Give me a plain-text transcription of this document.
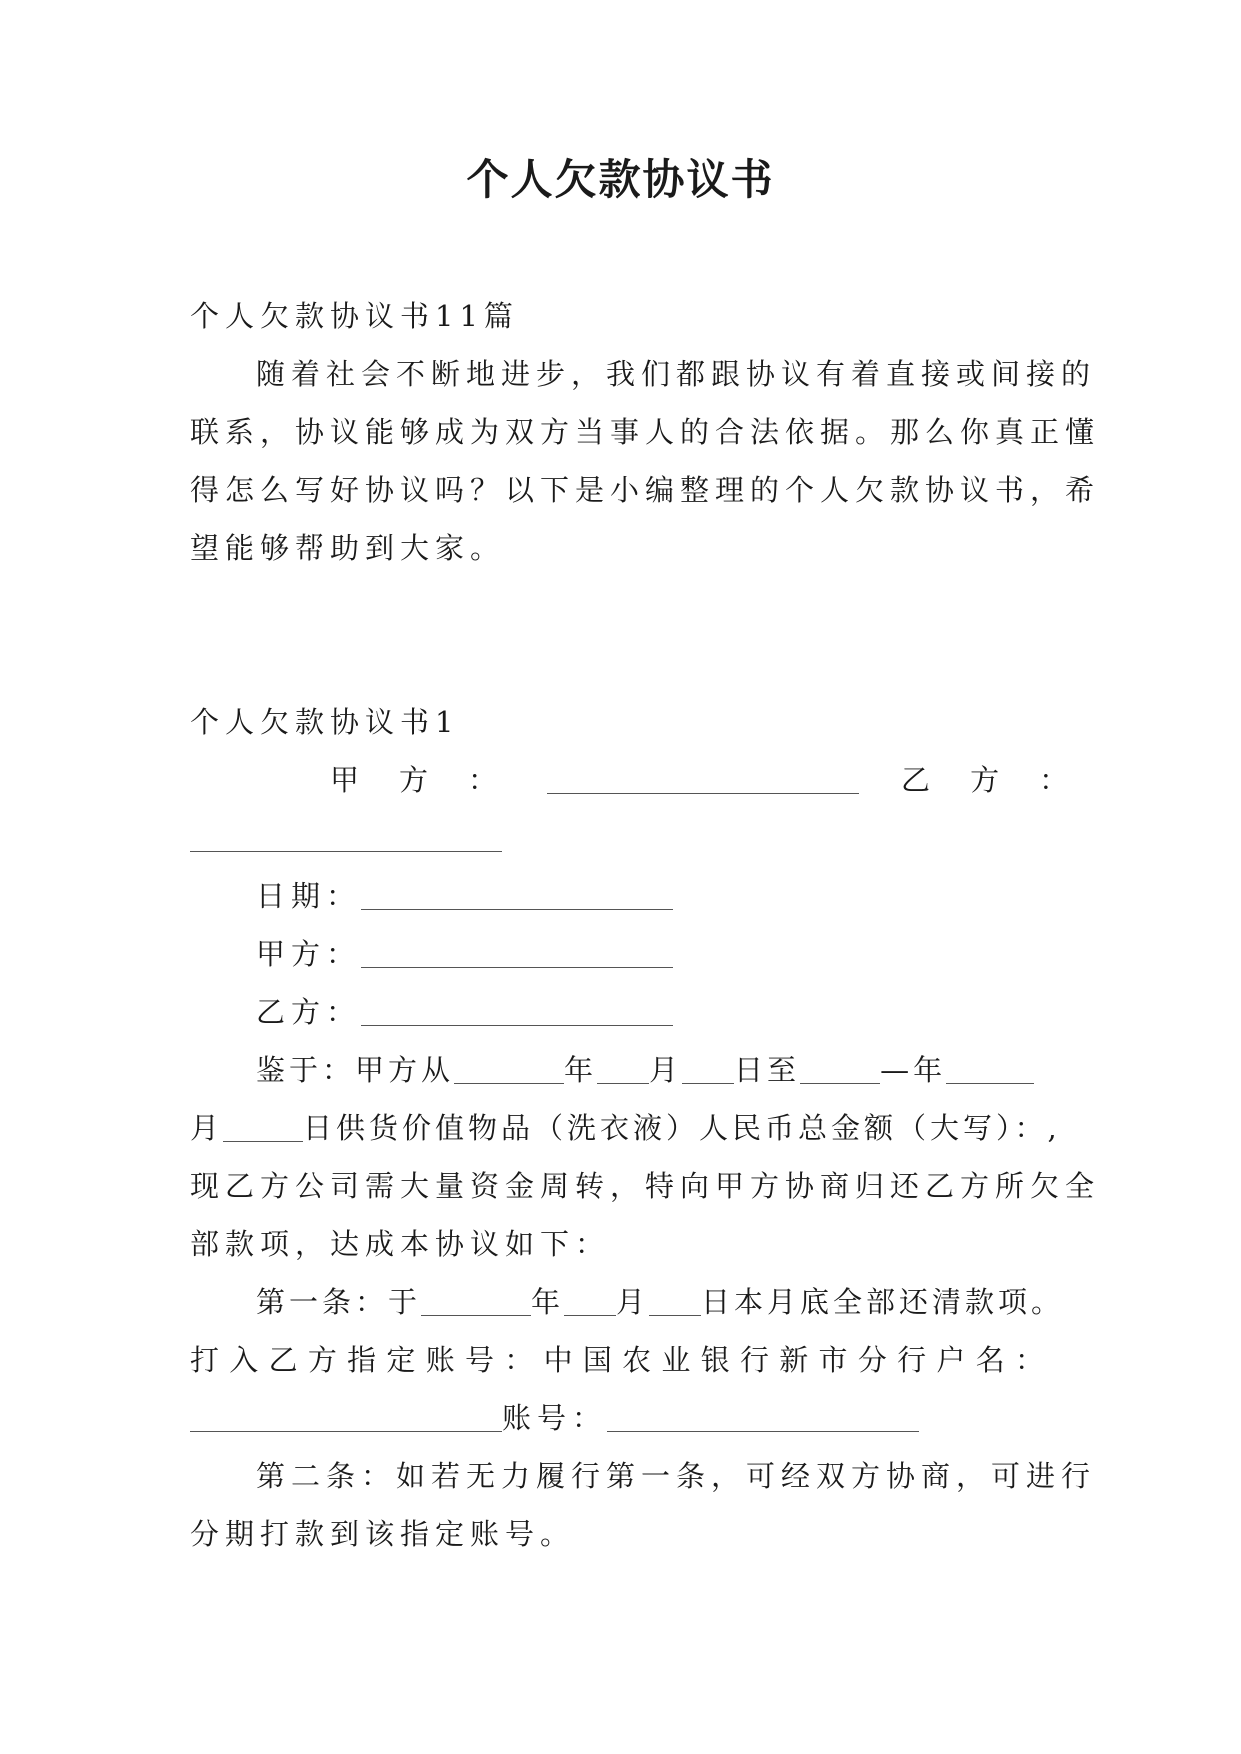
个人欠款协议书
个人欠款协议书11篇
随着社会不断地进步，我们都跟协议有着直接或间接的
联系，协议能够成为双方当事人的合法依据。那么你真正懂
得怎么写好协议吗？以下是小编整理的个人欠款协议书，希
望能够帮助到大家。
个人欠款协议书1
甲 方 ：	乙 方 ：
日期：
甲方：
乙方：
鉴于：甲方从	年 月 日至	—年
月	日供货价值物品（洗衣液）人民币总金额（大写）：,
现乙方公司需大量资金周转，特向甲方协商归还乙方所欠全
部款项，达成本协议如下：
第一条：于	年 月 日本月底全部还清款项。
打入乙方指定账号：中国农业银行新市分行户名：
账号：
第二条：如若无力履行第一条，可经双方协商，可进行
分期打款到该指定账号。
